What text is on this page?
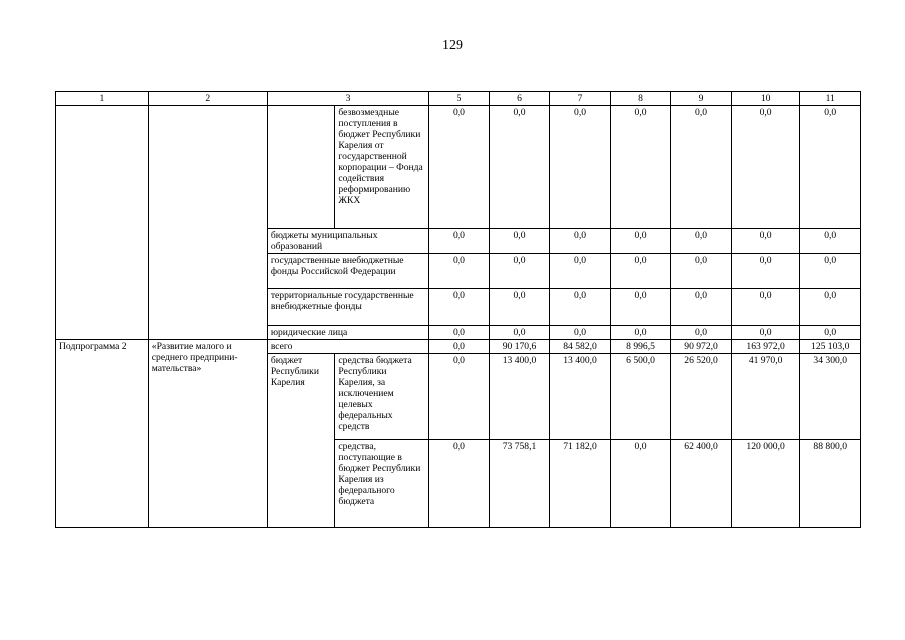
129
1	2	3		5	6	7	8	9	10	11
			безвозмездные поступления в бюджет Республики Карелия от государственной корпорации – Фонда содействия реформированию ЖКХ	0,0	0,0	0,0	0,0	0,0	0,0	0,0
		бюджеты муниципальных образований		0,0	0,0	0,0	0,0	0,0	0,0	0,0
		государственные внебюджетные фонды Российской Федерации		0,0	0,0	0,0	0,0	0,0	0,0	0,0
		территориальные государственные внебюджетные фонды		0,0	0,0	0,0	0,0	0,0	0,0	0,0
		юридические лица		0,0	0,0	0,0	0,0	0,0	0,0	0,0
Подпрограмма 2	«Развитие малого и среднего предприни-мательства»	всего		0,0	90 170,6	84 582,0	8 996,5	90 972,0	163 972,0	125 103,0
		бюджет Республики Карелия	средства бюджета Республики Карелия, за исключением целевых федеральных средств	0,0	13 400,0	13 400,0	6 500,0	26 520,0	41 970,0	34 300,0
			средства, поступающие в бюджет Республики Карелия из федерального бюджета	0,0	73 758,1	71 182,0	0,0	62 400,0	120 000,0	88 800,0
